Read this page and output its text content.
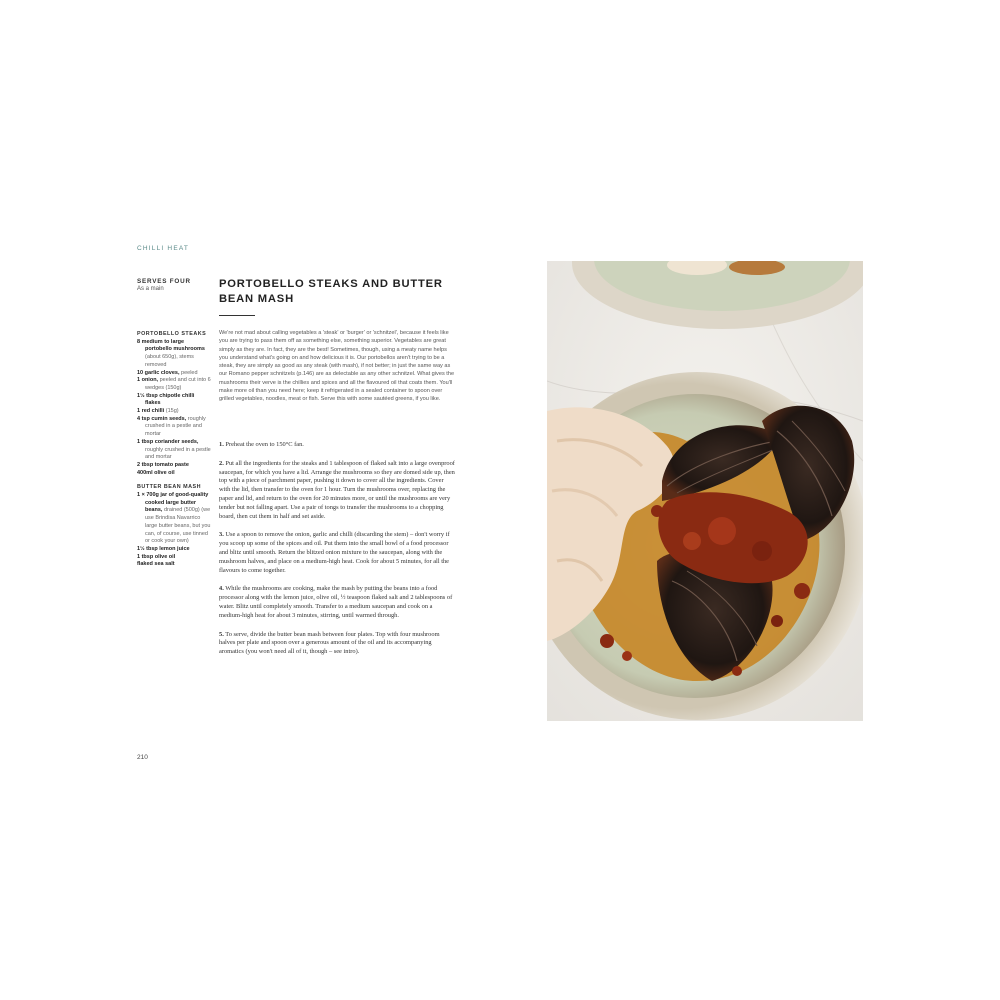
CHILLI HEAT
SERVES FOUR
As a main	PORTOBELLO STEAKS AND BUTTER BEAN MASH
PORTOBELLO STEAKS
8 medium to large portobello mushrooms (about 650g), stems removed
10 garlic cloves, peeled
1 onion, peeled and cut into 6 wedges (150g)
1½ tbsp chipotle chilli flakes
1 red chilli (15g)
4 tsp cumin seeds, roughly crushed in a pestle and mortar
1 tbsp coriander seeds, roughly crushed in a pestle and mortar
2 tbsp tomato paste
400ml olive oil
BUTTER BEAN MASH
1 × 700g jar of good-quality cooked large butter beans, drained (500g) (we use Brindisa Navarrico large butter beans, but you can, of course, use tinned or cook your own)
1½ tbsp lemon juice
1 tbsp olive oil
flaked sea salt
We're not mad about calling vegetables a 'steak' or 'burger' or 'schnitzel', because it feels like you are trying to pass them off as something else, something superior. Vegetables are great simply as they are. In fact, they are the best! Sometimes, though, using a meaty name helps you understand what's going on and how delicious it is. Our portobellos aren't trying to be a steak, they are simply as good as any steak (with mash), if not better; in just the same way as our Romano pepper schnitzels (p.146) are as delectable as any other schnitzel. What gives the mushrooms their verve is the chillies and spices and all the flavoured oil that coats them. You'll make more oil than you need here; keep it refrigerated in a sealed container to spoon over grilled vegetables, noodles, meat or fish. Serve this with some sautéed greens, if you like.

1. Preheat the oven to 150°C fan.

2. Put all the ingredients for the steaks and 1 tablespoon of flaked salt into a large ovenproof saucepan, for which you have a lid. Arrange the mushrooms so they are domed side up, then top with a piece of parchment paper, pushing it down to cover all the ingredients. Cover with the lid, then transfer to the oven for 1 hour. Turn the mushrooms over, replacing the paper and lid, and return to the oven for 20 minutes more, or until the mushrooms are very tender but not falling apart. Use a pair of tongs to transfer the mushrooms to a chopping board, then cut them in half and set aside.

3. Use a spoon to remove the onion, garlic and chilli (discarding the stem) – don't worry if you scoop up some of the spices and oil. Put them into the small bowl of a food processor and blitz until smooth. Return the blitzed onion mixture to the saucepan, along with the mushroom halves, and place on a medium-high heat. Cook for about 5 minutes, for all the flavours to come together.

4. While the mushrooms are cooking, make the mash by putting the beans into a food processor along with the lemon juice, olive oil, ½ teaspoon flaked salt and 2 tablespoons of water. Blitz until completely smooth. Transfer to a medium saucepan and cook on a medium-high heat for about 3 minutes, stirring, until warmed through.

5. To serve, divide the butter bean mash between four plates. Top with four mushroom halves per plate and spoon over a generous amount of the oil and its accompanying aromatics (you won't need all of it, though – see intro).

210
